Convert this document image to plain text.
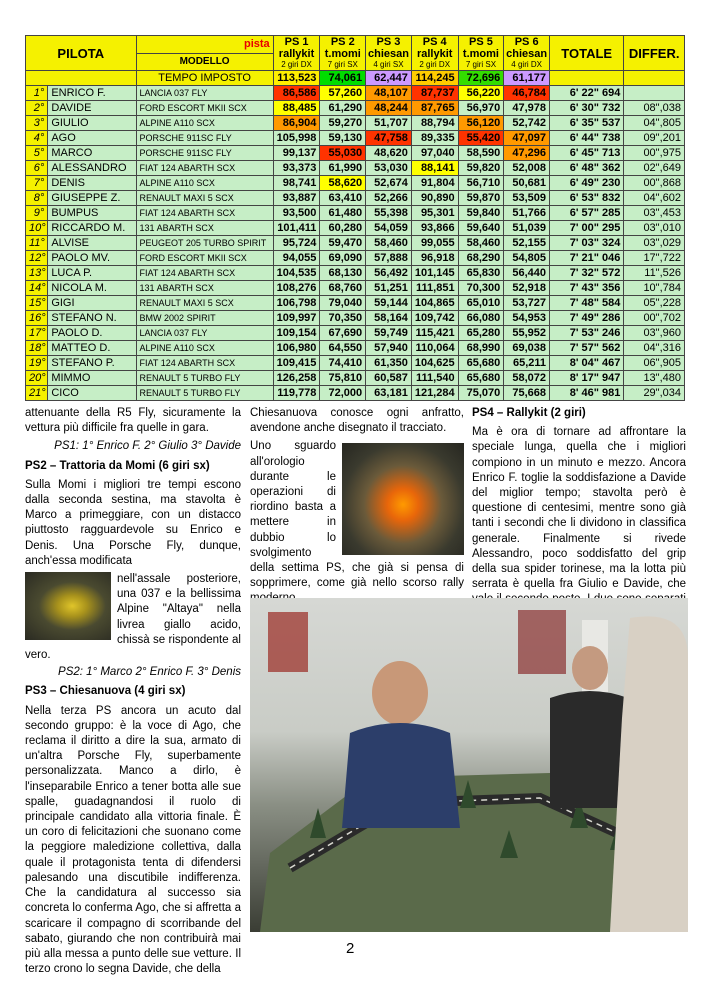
PILOTA		pista	PS 1
rallykit
2 giri DX	PS 2
t.momi
7 giri SX	PS 3
chiesan
4 giri SX	PS 4
rallykit
2 giri DX	PS 5
t.momi
7 giri SX	PS 6
chiesan
4 giri DX	TOTALE	DIFFER.
		MODELLO								
		TEMPO IMPOSTO	113,523	74,061	62,447	114,245	72,696	61,177		
1°	ENRICO F.	LANCIA 037 FLY	86,586	57,260	48,107	87,737	56,220	46,784	6' 22" 694	
2°	DAVIDE	FORD ESCORT MKII SCX	88,485	61,290	48,244	87,765	56,970	47,978	6' 30" 732	08",038
3°	GIULIO	ALPINE A110 SCX	86,904	59,270	51,707	88,794	56,120	52,742	6' 35" 537	04",805
4°	AGO	PORSCHE 911SC FLY	105,998	59,130	47,758	89,335	55,420	47,097	6' 44" 738	09",201
5°	MARCO	PORSCHE 911SC FLY	99,137	55,030	48,620	97,040	58,590	47,296	6' 45" 713	00",975
6°	ALESSANDRO	FIAT 124 ABARTH SCX	93,373	61,990	53,030	88,141	59,820	52,008	6' 48" 362	02",649
7°	DENIS	ALPINE A110 SCX	98,741	58,620	52,674	91,804	56,710	50,681	6' 49" 230	00",868
8°	GIUSEPPE Z.	RENAULT MAXI 5 SCX	93,887	63,410	52,266	90,890	59,870	53,509	6' 53" 832	04",602
9°	BUMPUS	FIAT 124 ABARTH SCX	93,500	61,480	55,398	95,301	59,840	51,766	6' 57" 285	03",453
10°	RICCARDO M.	131 ABARTH SCX	101,411	60,280	54,059	93,866	59,640	51,039	7' 00" 295	03",010
11°	ALVISE	PEUGEOT 205 TURBO SPIRIT	95,724	59,470	58,460	99,055	58,460	52,155	7' 03" 324	03",029
12°	PAOLO MV.	FORD ESCORT MKII SCX	94,055	69,090	57,888	96,918	68,290	54,805	7' 21" 046	17",722
13°	LUCA P.	FIAT 124 ABARTH SCX	104,535	68,130	56,492	101,145	65,830	56,440	7' 32" 572	11",526
14°	NICOLA M.	131 ABARTH SCX	108,276	68,760	51,251	111,851	70,300	52,918	7' 43" 356	10",784
15°	GIGI	RENAULT MAXI 5 SCX	106,798	79,040	59,144	104,865	65,010	53,727	7' 48" 584	05",228
16°	STEFANO N.	BMW 2002 SPIRIT	109,997	70,350	58,164	109,742	66,080	54,953	7' 49" 286	00",702
17°	PAOLO D.	LANCIA 037 FLY	109,154	67,690	59,749	115,421	65,280	55,952	7' 53" 246	03",960
18°	MATTEO D.	ALPINE A110 SCX	106,980	64,550	57,940	110,064	68,990	69,038	7' 57" 562	04",316
19°	STEFANO P.	FIAT 124 ABARTH SCX	109,415	74,410	61,350	104,625	65,680	65,211	8' 04" 467	06",905
20°	MIMMO	RENAULT 5 TURBO FLY	126,258	75,810	60,587	111,540	65,680	58,072	8' 17" 947	13",480
21°	CICO	RENAULT 5 TURBO FLY	119,778	72,000	63,181	121,284	75,070	75,668	8' 46" 981	29",034

attenuante della R5 Fly, sicuramente la vettura più difficile fra quelle in gara.

PS1: 1° Enrico F. 2° Giulio 3° Davide
PS2 – Trattoria da Momi (6 giri sx)

Sulla Momi i migliori tre tempi escono dalla seconda sestina, ma stavolta è Marco a primeggiare, con un distacco piuttosto ragguardevole su Enrico e Denis. Una Porsche Fly, dunque, anch'essa modificata

nell'assale posteriore, una 037 e la bellissima Alpine "Altaya" nella livrea giallo acido, chissà se rispondente al vero.
PS2: 1° Marco 2° Enrico F. 3° Denis
PS3 – Chiesanuova (4 giri sx)

Nella terza PS ancora un acuto dal secondo gruppo: è la voce di Ago, che reclama il diritto a dire la sua, armato di un'altra Porsche Fly, superbamente personalizzata. Manco a dirlo, è l'inseparabile Enrico a tener botta alle sue spalle, guadagnandosi il ruolo di principale candidato alla vittoria finale. È un coro di felicitazioni che suonano come la peggiore maledizione collettiva, dalla quale il protagonista tenta di difendersi palesando una discutibile indifferenza. Che la candidatura al successo sia concreta lo conferma Ago, che si affretta a scaricare il compagno di scorribande del sabato, giurando che non contribuirà mai più alla messa a punto delle sue vetture. Il terzo crono lo segna Davide, che della

Chiesanuova conosce ogni anfratto, avendone anche disegnato il tracciato.

Uno sguardo all'orologio durante le operazioni di riordino basta a mettere in dubbio lo svolgimento della settima PS, che già si pensa di sopprimere, come già nello scorso rally
PS4 – Rallykit (2 giri)

Ma è ora di tornare ad affrontare la speciale lunga, quella che i migliori compiono in un minuto e mezzo. Ancora Enrico F. toglie la soddisfazione a Davide del miglior tempo; stavolta però è questione di centesimi, mentre sono già tanti i secondi che li dividono in classifica generale. Finalmente si rivede Alessandro, poco soddisfatto del grip della sua spider torinese, ma la lotta più serrata è quella fra Giulio e Davide, che

2
